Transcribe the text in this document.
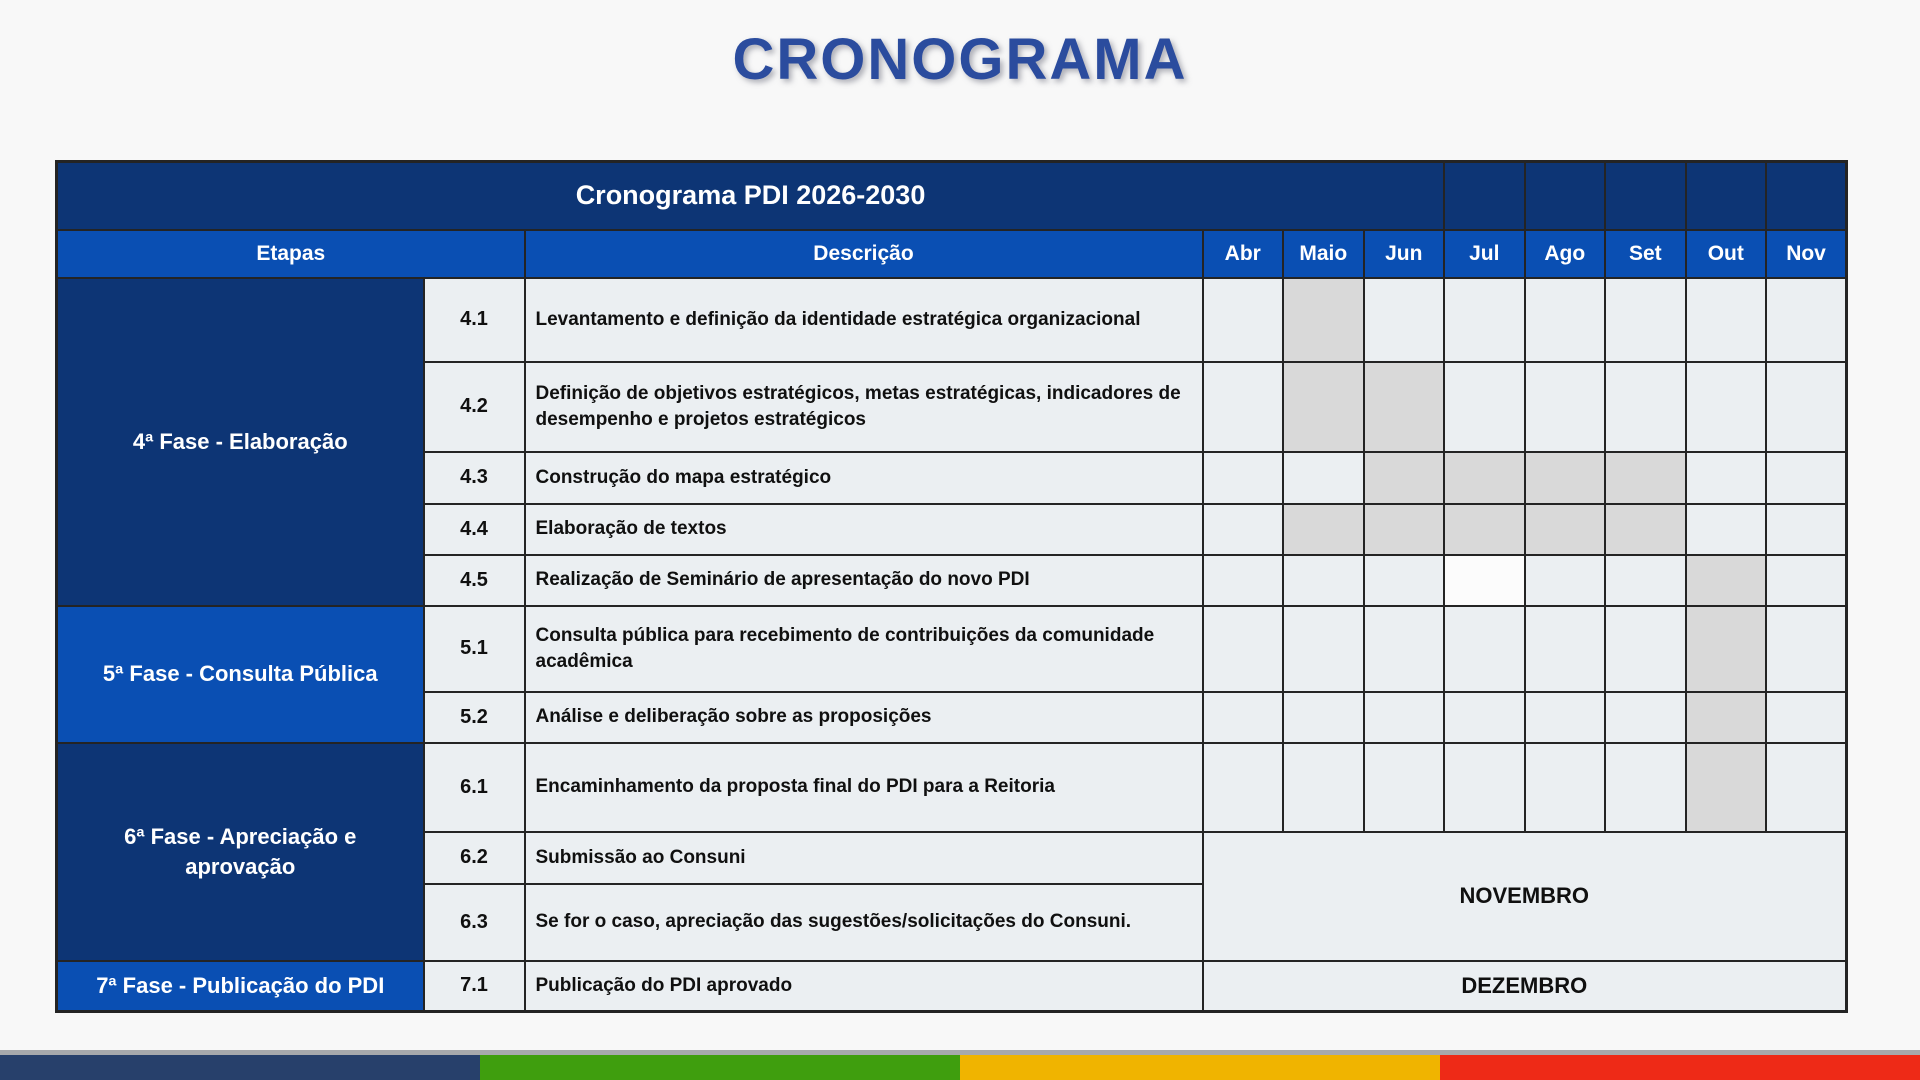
CRONOGRAMA
Cronograma PDI 2026-2030										
Etapas		Descrição	Abr	Maio	Jun	Jul	Ago	Set	Out	Nov
4ª Fase - Elaboração	4.1	Levantamento e definição da identidade estratégica organizacional								
	4.2	Definição de objetivos estratégicos, metas estratégicas, indicadores de desempenho e projetos estratégicos								
	4.3	Construção do mapa estratégico								
	4.4	Elaboração de textos								
	4.5	Realização de Seminário de apresentação do novo PDI								
5ª Fase - Consulta Pública	5.1	Consulta pública para recebimento de contribuições da comunidade acadêmica								
	5.2	Análise e deliberação sobre as proposições								
6ª Fase - Apreciação e aprovação	6.1	Encaminhamento da proposta final do PDI para a Reitoria								
	6.2	Submissão ao Consuni	NOVEMBRO							
	6.3	Se for o caso, apreciação das sugestões/solicitações do Consuni.								
7ª Fase - Publicação do PDI	7.1	Publicação do PDI aprovado	DEZEMBRO							
